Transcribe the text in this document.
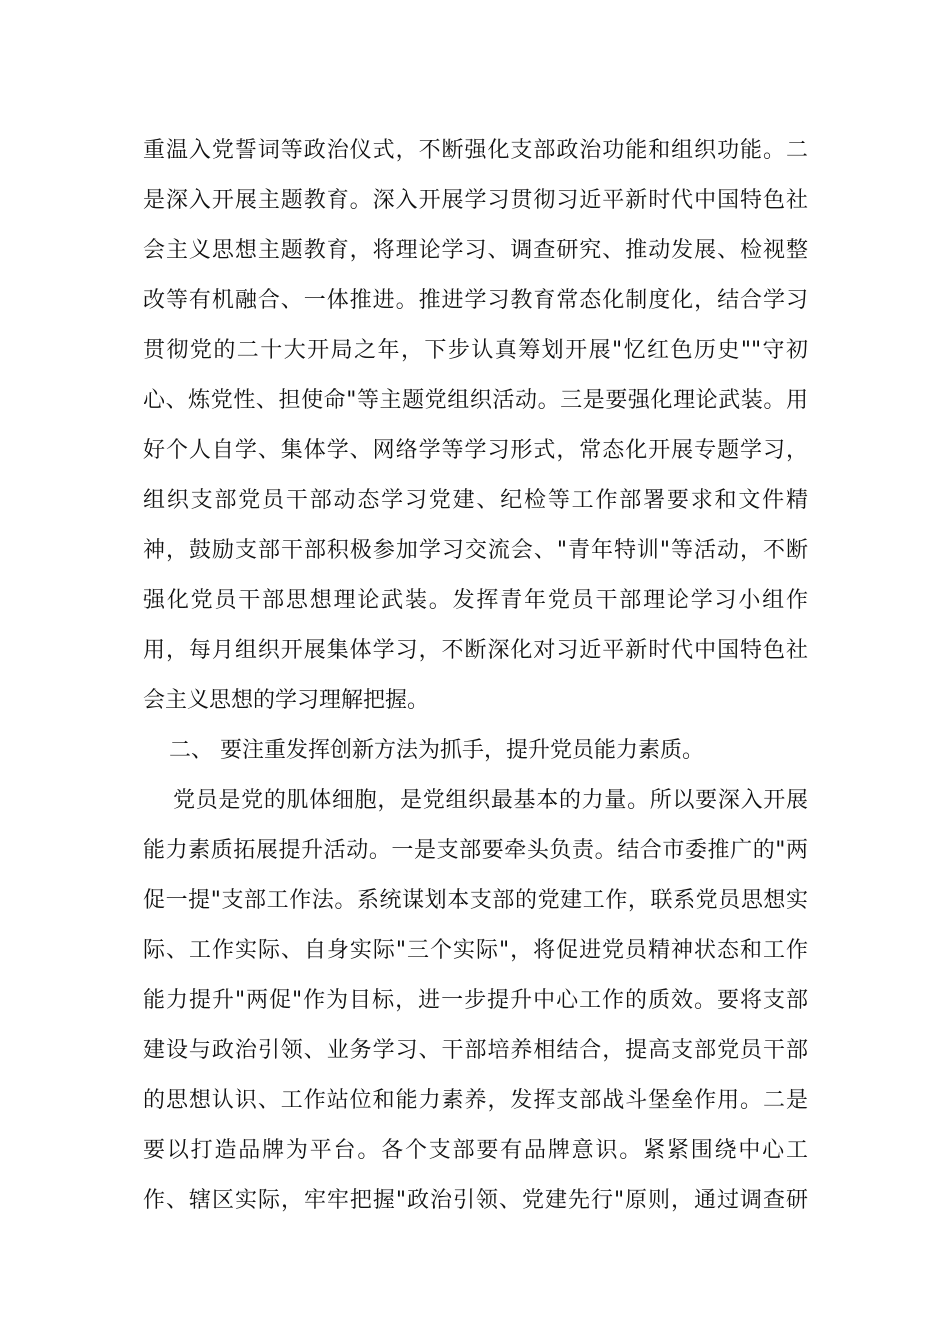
重温入党誓词等政治仪式，不断强化支部政治功能和组织功能。二
是深入开展主题教育。深入开展学习贯彻习近平新时代中国特色社
会主义思想主题教育，将理论学习、调查研究、推动发展、检视整
改等有机融合、一体推进。推进学习教育常态化制度化，结合学习
贯彻党的二十大开局之年，下步认真筹划开展"忆红色历史""守初
心、炼党性、担使命"等主题党组织活动。三是要强化理论武装。用
好个人自学、集体学、网络学等学习形式，常态化开展专题学习，
组织支部党员干部动态学习党建、纪检等工作部署要求和文件精
神，鼓励支部干部积极参加学习交流会、"青年特训"等活动，不断
强化党员干部思想理论武装。发挥青年党员干部理论学习小组作
用，每月组织开展集体学习，不断深化对习近平新时代中国特色社
会主义思想的学习理解把握。
二、 要注重发挥创新方法为抓手，提升党员能力素质。
党员是党的肌体细胞，是党组织最基本的力量。所以要深入开展
能力素质拓展提升活动。一是支部要牵头负责。结合市委推广的"两
促一提"支部工作法。系统谋划本支部的党建工作，联系党员思想实
际、工作实际、自身实际"三个实际"，将促进党员精神状态和工作
能力提升"两促"作为目标，进一步提升中心工作的质效。要将支部
建设与政治引领、业务学习、干部培养相结合，提高支部党员干部
的思想认识、工作站位和能力素养，发挥支部战斗堡垒作用。二是
要以打造品牌为平台。各个支部要有品牌意识。紧紧围绕中心工
作、辖区实际，牢牢把握"政治引领、党建先行"原则，通过调查研
